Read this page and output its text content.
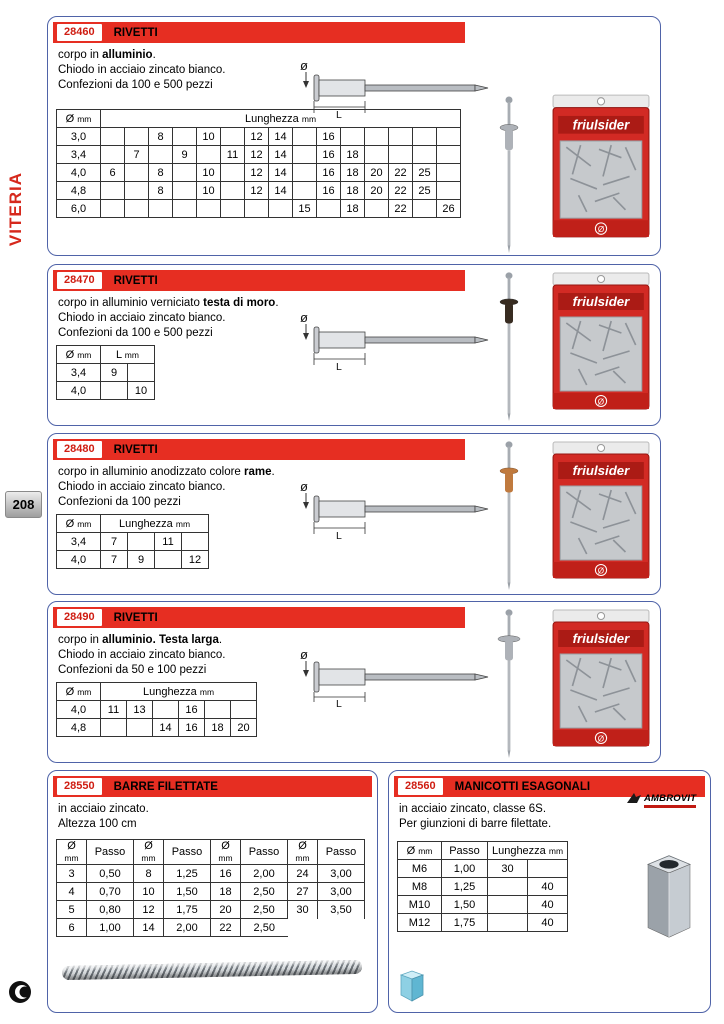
VITERIA
208
28460	RIVETTI
corpo in alluminio.
Chiodo in acciaio zincato bianco.
Confezioni da 100 e 500 pezzi
ø
L
Ø mm	Lunghezza mm														
3,0			8		10		12	14		16					
3,4		7		9		11	12	14		16	18				
4,0	6		8		10		12	14		16	18	20	22	25	
4,8			8		10		12	14		16	18	20	22	25	
6,0									15		18		22		26
friulsider
Ø
28470	RIVETTI
corpo in alluminio verniciato testa di moro.
Chiodo in acciaio zincato bianco.
Confezioni da 100 e 500 pezzi
ø
L
Ø mm	L mm	
3,4	9	
4,0		10
friulsider
Ø
28480	RIVETTI
corpo in alluminio anodizzato colore rame.
Chiodo in acciaio zincato bianco.
Confezioni da 100 pezzi
ø
L
Ø mm	Lunghezza mm			
3,4	7		11	
4,0	7	9		12
friulsider
Ø
28490	RIVETTI
corpo in alluminio. Testa larga.
Chiodo in acciaio zincato bianco.
Confezioni da 50 e 100 pezzi
ø
L
Ø mm	Lunghezza mm					
4,0	11	13		16		
4,8			14	16	18	20
friulsider
Ø
28550	BARRE FILETTATE
in acciaio zincato.
Altezza 100 cm
Ø
mm	Passo	Ø
mm	Passo	Ø
mm	Passo	Ø
mm	Passo
3	0,50	8	1,25	16	2,00	24	3,00
4	0,70	10	1,50	18	2,50	27	3,00
5	0,80	12	1,75	20	2,50	30	3,50
6	1,00	14	2,00	22	2,50		
28560	MANICOTTI ESAGONALI
AMBROVIT
in acciaio zincato, classe 6S.
Per giunzioni di barre filettate.
Ø mm	Passo	Lunghezza mm	
M6	1,00	30	
M8	1,25		40
M10	1,50		40
M12	1,75		40
